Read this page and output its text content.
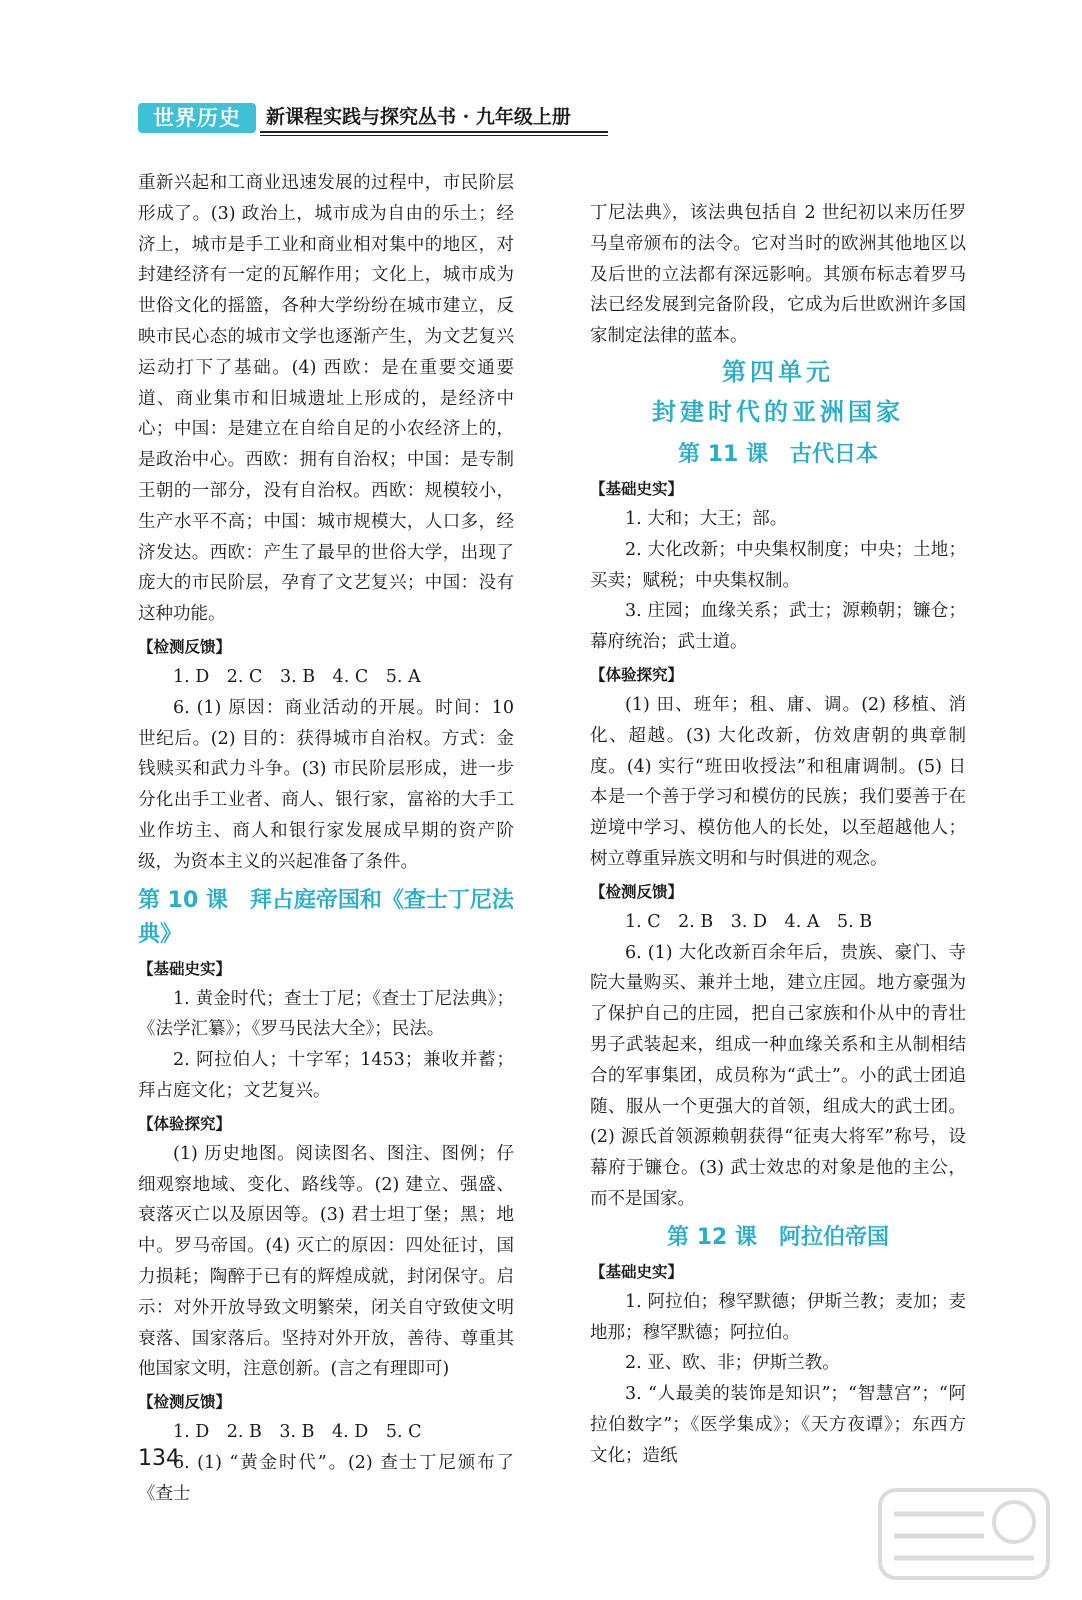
世界历史	新课程实践与探究丛书 · 九年级上册

重新兴起和工商业迅速发展的过程中，市民阶层形成了。(3) 政治上，城市成为自由的乐土；经济上，城市是手工业和商业相对集中的地区，对封建经济有一定的瓦解作用；文化上，城市成为世俗文化的摇篮，各种大学纷纷在城市建立，反映市民心态的城市文学也逐渐产生，为文艺复兴运动打下了基础。(4) 西欧：是在重要交通要道、商业集市和旧城遗址上形成的，是经济中心；中国：是建立在自给自足的小农经济上的，是政治中心。西欧：拥有自治权；中国：是专制王朝的一部分，没有自治权。西欧：规模较小，生产水平不高；中国：城市规模大，人口多，经济发达。西欧：产生了最早的世俗大学，出现了庞大的市民阶层，孕育了文艺复兴；中国：没有这种功能。

【检测反馈】

1. D　2. C　3. B　4. C　5. A

6. (1) 原因：商业活动的开展。时间：10 世纪后。(2) 目的：获得城市自治权。方式：金钱赎买和武力斗争。(3) 市民阶层形成，进一步分化出手工业者、商人、银行家，富裕的大手工业作坊主、商人和银行家发展成早期的资产阶级，为资本主义的兴起准备了条件。

第 10 课　拜占庭帝国和《查士丁尼法典》
【基础史实】

1. 黄金时代；查士丁尼；《查士丁尼法典》；《法学汇纂》；《罗马民法大全》；民法。

2. 阿拉伯人；十字军；1453；兼收并蓄；拜占庭文化；文艺复兴。

【体验探究】

(1) 历史地图。阅读图名、图注、图例；仔细观察地域、变化、路线等。(2) 建立、强盛、衰落灭亡以及原因等。(3) 君士坦丁堡；黑；地中。罗马帝国。(4) 灭亡的原因：四处征讨，国力损耗；陶醉于已有的辉煌成就，封闭保守。启示：对外开放导致文明繁荣，闭关自守致使文明衰落、国家落后。坚持对外开放，善待、尊重其他国家文明，注意创新。(言之有理即可)

【检测反馈】

1. D　2. B　3. B　4. D　5. C

6. (1) “黄金时代”。(2) 查士丁尼颁布了《查士

丁尼法典》，该法典包括自 2 世纪初以来历任罗马皇帝颁布的法令。它对当时的欧洲其他地区以及后世的立法都有深远影响。其颁布标志着罗马法已经发展到完备阶段，它成为后世欧洲许多国家制定法律的蓝本。

第四单元
封建时代的亚洲国家
第 11 课　古代日本
【基础史实】

1. 大和；大王；部。

2. 大化改新；中央集权制度；中央；土地；买卖；赋税；中央集权制。

3. 庄园；血缘关系；武士；源赖朝；镰仓；幕府统治；武士道。

【体验探究】

(1) 田、班年；租、庸、调。(2) 移植、消化、超越。(3) 大化改新，仿效唐朝的典章制度。(4) 实行“班田收授法”和租庸调制。(5) 日本是一个善于学习和模仿的民族；我们要善于在逆境中学习、模仿他人的长处，以至超越他人；树立尊重异族文明和与时俱进的观念。

【检测反馈】

1. C　2. B　3. D　4. A　5. B

6. (1) 大化改新百余年后，贵族、豪门、寺院大量购买、兼并土地，建立庄园。地方豪强为了保护自己的庄园，把自己家族和仆从中的青壮男子武装起来，组成一种血缘关系和主从制相结合的军事集团，成员称为“武士”。小的武士团追随、服从一个更强大的首领，组成大的武士团。(2) 源氏首领源赖朝获得“征夷大将军”称号，设幕府于镰仓。(3) 武士效忠的对象是他的主公，而不是国家。

第 12 课　阿拉伯帝国
【基础史实】

1. 阿拉伯；穆罕默德；伊斯兰教；麦加；麦地那；穆罕默德；阿拉伯。

2. 亚、欧、非；伊斯兰教。

3. “人最美的装饰是知识”；“智慧宫”；“阿拉伯数字”；《医学集成》；《天方夜谭》；东西方文化；造纸

134
